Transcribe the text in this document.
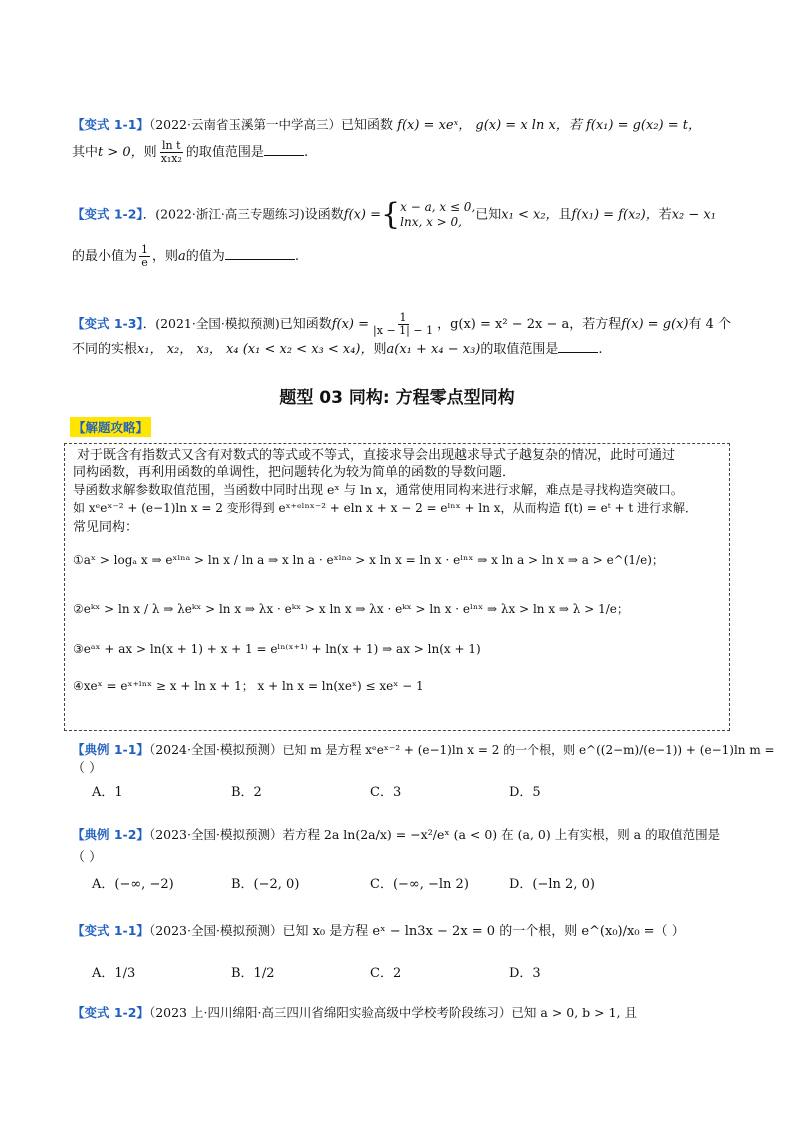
【变式 1-1】（2022·云南省玉溪第一中学高三）已知函数 f(x) = xeˣ， g(x) = x ln x，若 f(x₁) = g(x₂) = t，
其中t > 0，则 $\frac{\text{ln t}}{\text{x₁x₂}}$ 的取值范围是	.
【变式 1-2】．(2022·浙江·高三专题练习)设函数f(x) ={ x − a, x ≤ 0,
lnx, x > 0,	已知x₁ < x₂，且f(x₁) = f(x₂)，若x₂ − x₁
的最小值为 $\frac{1}{e}$ ，则a的值为	.
【变式 1-3】．(2021·全国·模拟预测)已知函数$f(x) = \frac{1}{|x - 1| - 1}$ ，g(x) = x² − 2x − a，若方程f(x) = g(x)有 4 个
不同的实根x₁， x₂， x₃， x₄ (x₁ < x₂ < x₃ < x₄)，则a(x₁ + x₄ − x₃)的取值范围是	.
题型 03 同构: 方程零点型同构
【解题攻略】
对于既含有指数式又含有对数式的等式或不等式，直接求导会出现越求导式子越复杂的情况，此时可通过
同构函数，再利用函数的单调性，把问题转化为较为简单的函数的导数问题．
导函数求解参数取值范围，当函数中同时出现 eˣ 与 ln x，通常使用同构来进行求解，难点是寻找构造突破口。
如 xᵉeˣ⁻² + (e−1)ln x = 2 变形得到 eˣ⁺ᵉˡⁿˣ⁻² + eln x + x − 2 = eˡⁿˣ + ln x，从而构造 f(t) = eᵗ + t 进行求解．
常见同构：
①aˣ > logₐ x ⇒ eˣˡⁿᵃ > ln x / ln a ⇒ x ln a · eˣˡⁿᵃ > x ln x = ln x · eˡⁿˣ ⇒ x ln a > ln x ⇒ a > e^(1/e)；
②eᵏˣ > ln x / λ ⇒ λeᵏˣ > ln x ⇒ λx · eᵏˣ > x ln x ⇒ λx · eᵏˣ > ln x · eˡⁿˣ ⇒ λx > ln x ⇒ λ > 1/e；
③eᵃˣ + ax > ln(x + 1) + x + 1 = eˡⁿ⁽ˣ⁺¹⁾ + ln(x + 1) ⇒ ax > ln(x + 1)
④xeˣ = eˣ⁺ˡⁿˣ ≥ x + ln x + 1； x + ln x = ln(xeˣ) ≤ xeˣ − 1
【典例 1-1】（2024·全国·模拟预测）已知 m 是方程 xᵉeˣ⁻² + (e−1)ln x = 2 的一个根，则 e^((2−m)/(e−1)) + (e−1)ln m =
（ ）
A．1	B．2	C．3	D．5
【典例 1-2】（2023·全国·模拟预测）若方程 2a ln(2a/x) = −x²/eˣ (a < 0) 在 (a, 0) 上有实根，则 a 的取值范围是
（ ）
A．(−∞, −2)	B．(−2, 0)	C．(−∞, −ln 2)	D．(−ln 2, 0)
【变式 1-1】（2023·全国·模拟预测）已知 x₀ 是方程 eˣ − ln3x − 2x = 0 的一个根，则 e^(x₀)/x₀ =（ ）
A．1/3	B．1/2	C．2	D．3
【变式 1-2】（2023 上·四川绵阳·高三四川省绵阳实验高级中学校考阶段练习）已知 a > 0, b > 1, 且
